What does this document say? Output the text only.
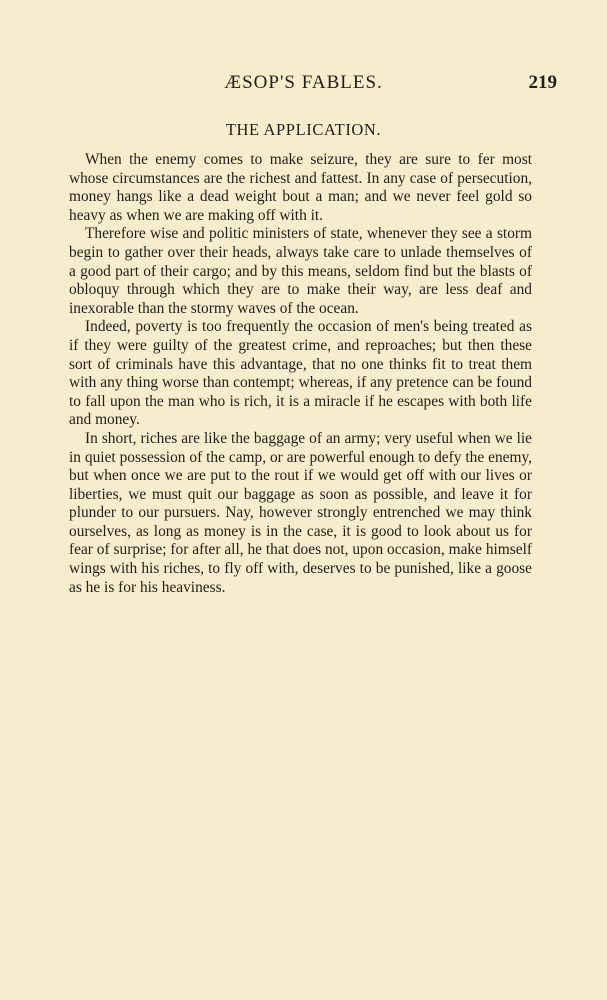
ÆSOP'S FABLES.	219
THE APPLICATION.

When the enemy comes to make seizure, they are sure to ⁠fer most whose circumstances are the richest and fattest. In any case of persecution, money hangs like a dead weight bout a man; and we never feel gold so heavy as when we are making off with it.

Therefore wise and politic ministers of state, whenever they see a storm begin to gather over their heads, always take care to unlade themselves of a good part of their cargo; and by this means, seldom find but the blasts of obloquy through which they are to make their way, are less deaf and inexorable than the stormy waves of the ocean.

Indeed, poverty is too frequently the occasion of men's being treated as if they were guilty of the greatest crime, and reproaches; but then these sort of criminals have this advantage, that no one thinks fit to treat them with any thing worse than contempt; whereas, if any pretence can be found to fall upon the man who is rich, it is a miracle if he escapes with both life and money.

In short, riches are like the baggage of an army; very useful when we lie in quiet possession of the camp, or are powerful enough to defy the enemy, but when once we are put to the rout if we would get off with our lives or liberties, we must quit our baggage as soon as possible, and leave it for plunder to our pursuers. Nay, however strongly entrenched we may think ourselves, as long as money is in the case, it is good to look about us for fear of surprise; for after all, he that does not, upon occasion, make himself wings with his riches, to fly off with, deserves to be punished, like a goose as he is for his heaviness.
